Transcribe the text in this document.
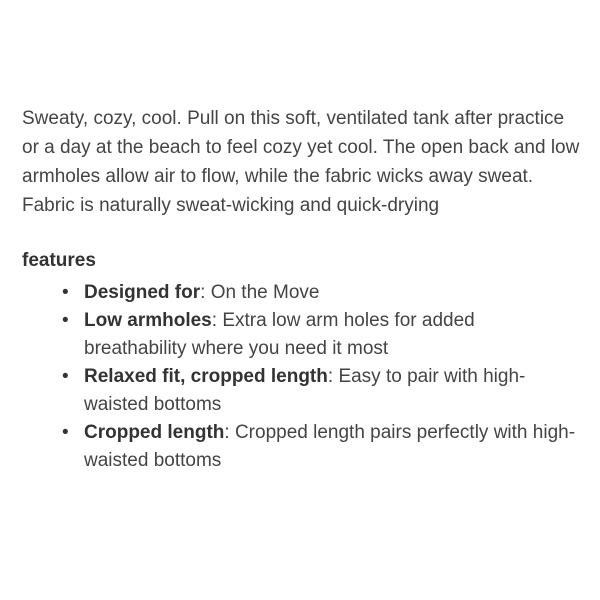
Sweaty, cozy, cool. Pull on this soft, ventilated tank after practice or a day at the beach to feel cozy yet cool. The open back and low armholes allow air to flow, while the fabric wicks away sweat.

Fabric is naturally sweat-wicking and quick-drying

features
• Designed for: On the Move
• Low armholes: Extra low arm holes for added breathability where you need it most
• Relaxed fit, cropped length: Easy to pair with high-waisted bottoms
• Cropped length: Cropped length pairs perfectly with high-waisted bottoms
